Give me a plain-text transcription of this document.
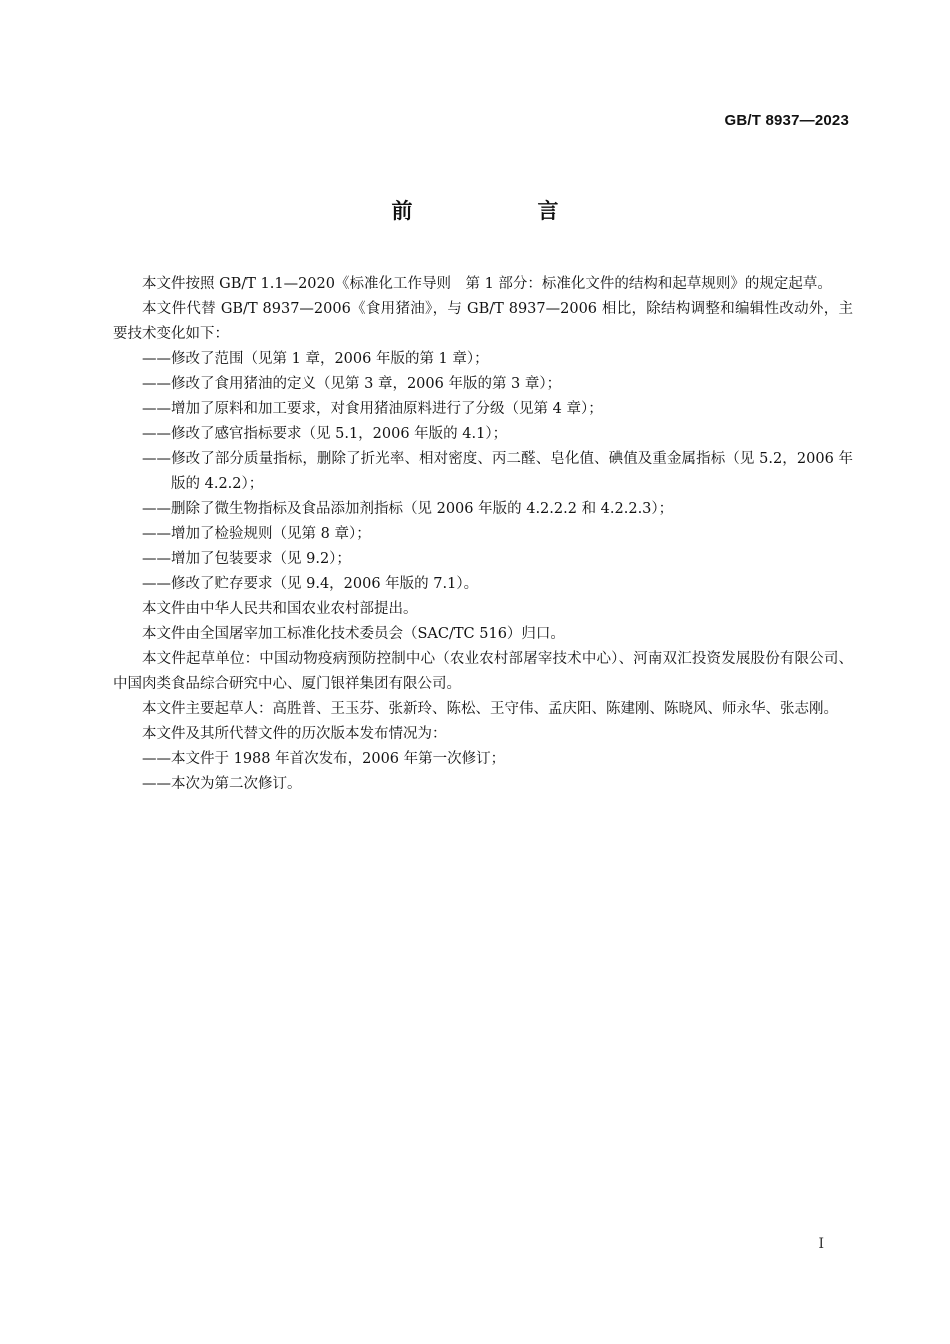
GB/T 8937—2023
前　言

本文件按照 GB/T 1.1—2020《标准化工作导则　第 1 部分：标准化文件的结构和起草规则》的规定起草。

本文件代替 GB/T 8937—2006《食用猪油》，与 GB/T 8937—2006 相比，除结构调整和编辑性改动外，主要技术变化如下：

——修改了范围（见第 1 章，2006 年版的第 1 章）；

——修改了食用猪油的定义（见第 3 章，2006 年版的第 3 章）；

——增加了原料和加工要求，对食用猪油原料进行了分级（见第 4 章）；

——修改了感官指标要求（见 5.1，2006 年版的 4.1）；

——修改了部分质量指标，删除了折光率、相对密度、丙二醛、皂化值、碘值及重金属指标（见 5.2，2006 年版的 4.2.2）；

——删除了微生物指标及食品添加剂指标（见 2006 年版的 4.2.2.2 和 4.2.2.3）；

——增加了检验规则（见第 8 章）；

——增加了包装要求（见 9.2）；

——修改了贮存要求（见 9.4，2006 年版的 7.1）。

本文件由中华人民共和国农业农村部提出。

本文件由全国屠宰加工标准化技术委员会（SAC/TC 516）归口。

本文件起草单位：中国动物疫病预防控制中心（农业农村部屠宰技术中心）、河南双汇投资发展股份有限公司、中国肉类食品综合研究中心、厦门银祥集团有限公司。

本文件主要起草人：高胜普、王玉芬、张新玲、陈松、王守伟、孟庆阳、陈建刚、陈晓风、师永华、张志刚。

本文件及其所代替文件的历次版本发布情况为：

——本文件于 1988 年首次发布，2006 年第一次修订；

——本次为第二次修订。

I
